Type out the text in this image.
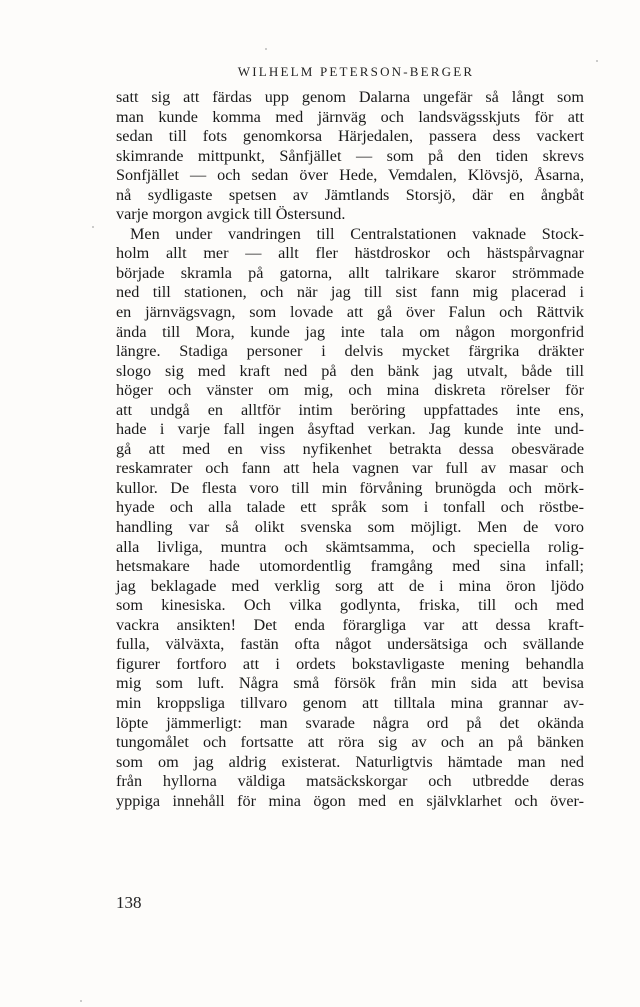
WILHELM PETERSON-BERGER
satt sig att färdas upp genom Dalarna ungefär så långt som
man kunde komma med järnväg och landsvägsskjuts för att
sedan till fots genomkorsa Härjedalen, passera dess vackert
skimrande mittpunkt, Sånfjället — som på den tiden skrevs
Sonfjället — och sedan över Hede, Vemdalen, Klövsjö, Åsarna,
nå sydligaste spetsen av Jämtlands Storsjö, där en ångbåt
varje morgon avgick till Östersund.
Men under vandringen till Centralstationen vaknade Stock-
holm allt mer — allt fler hästdroskor och hästspårvagnar
började skramla på gatorna, allt talrikare skaror strömmade
ned till stationen, och när jag till sist fann mig placerad i
en järnvägsvagn, som lovade att gå över Falun och Rättvik
ända till Mora, kunde jag inte tala om någon morgonfrid
längre. Stadiga personer i delvis mycket färgrika dräkter
slogo sig med kraft ned på den bänk jag utvalt, både till
höger och vänster om mig, och mina diskreta rörelser för
att undgå en alltför intim beröring uppfattades inte ens,
hade i varje fall ingen åsyftad verkan. Jag kunde inte und-
gå att med en viss nyfikenhet betrakta dessa obesvärade
reskamrater och fann att hela vagnen var full av masar och
kullor. De flesta voro till min förvåning brunögda och mörk-
hyade och alla talade ett språk som i tonfall och röstbe-
handling var så olikt svenska som möjligt. Men de voro
alla livliga, muntra och skämtsamma, och speciella rolig-
hetsmakare hade utomordentlig framgång med sina infall;
jag beklagade med verklig sorg att de i mina öron ljödo
som kinesiska. Och vilka godlynta, friska, till och med
vackra ansikten! Det enda förargliga var att dessa kraft-
fulla, välväxta, fastän ofta något undersätsiga och svällande
figurer fortforo att i ordets bokstavligaste mening behandla
mig som luft. Några små försök från min sida att bevisa
min kroppsliga tillvaro genom att tilltala mina grannar av-
löpte jämmerligt: man svarade några ord på det okända
tungomålet och fortsatte att röra sig av och an på bänken
som om jag aldrig existerat. Naturligtvis hämtade man ned
från hyllorna väldiga matsäckskorgar och utbredde deras
yppiga innehåll för mina ögon med en självklarhet och över-
138
